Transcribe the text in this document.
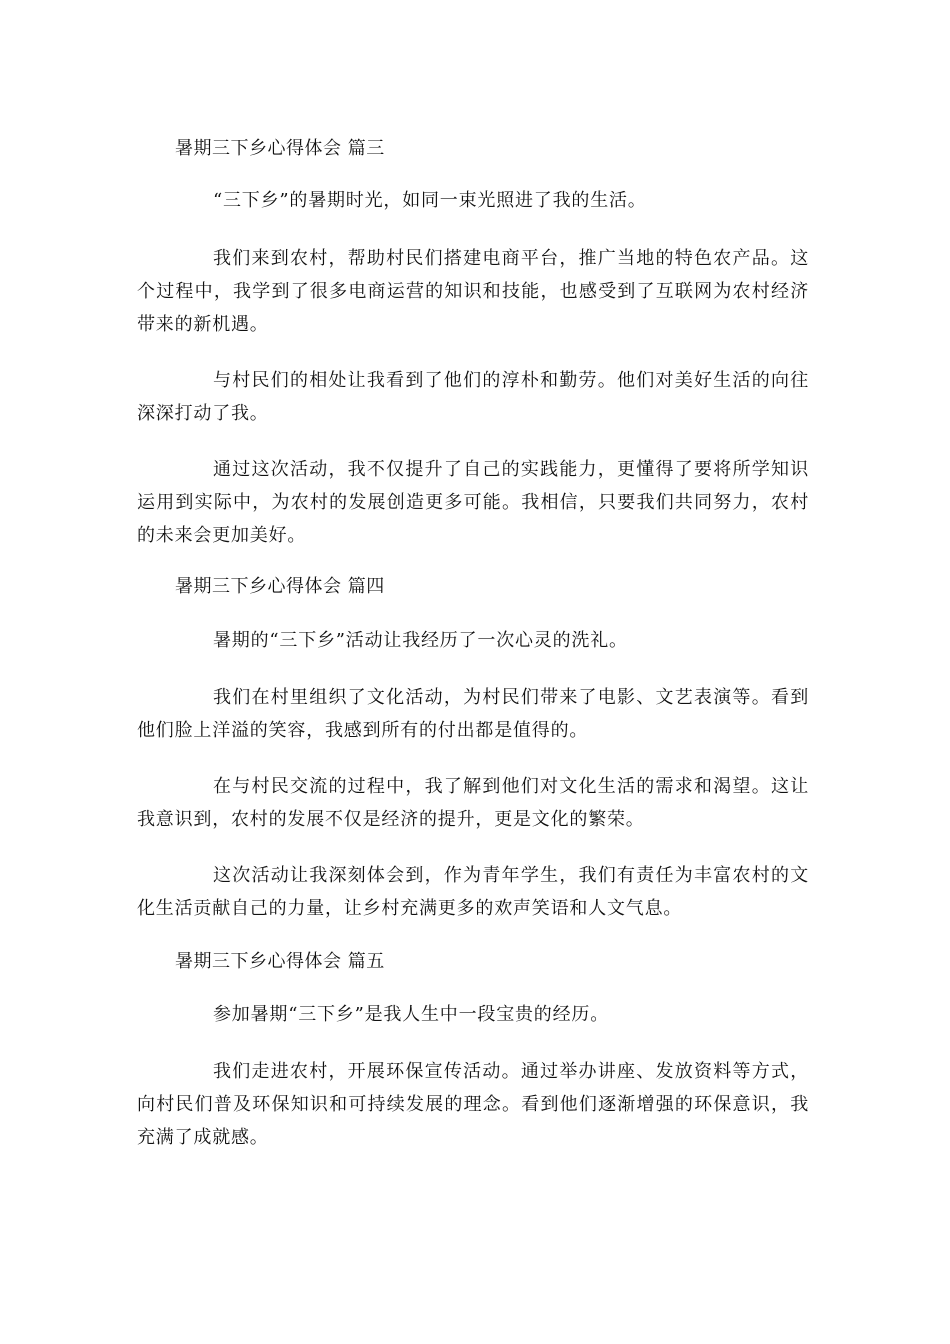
暑期三下乡心得体会 篇三

“三下乡”的暑期时光，如同一束光照进了我的生活。

我们来到农村，帮助村民们搭建电商平台，推广当地的特色农产品。这个过程中，我学到了很多电商运营的知识和技能，也感受到了互联网为农村经济带来的新机遇。

与村民们的相处让我看到了他们的淳朴和勤劳。他们对美好生活的向往深深打动了我。

通过这次活动，我不仅提升了自己的实践能力，更懂得了要将所学知识运用到实际中，为农村的发展创造更多可能。我相信，只要我们共同努力，农村的未来会更加美好。

暑期三下乡心得体会 篇四

暑期的“三下乡”活动让我经历了一次心灵的洗礼。

我们在村里组织了文化活动，为村民们带来了电影、文艺表演等。看到他们脸上洋溢的笑容，我感到所有的付出都是值得的。

在与村民交流的过程中，我了解到他们对文化生活的需求和渴望。这让我意识到，农村的发展不仅是经济的提升，更是文化的繁荣。

这次活动让我深刻体会到，作为青年学生，我们有责任为丰富农村的文化生活贡献自己的力量，让乡村充满更多的欢声笑语和人文气息。

暑期三下乡心得体会 篇五

参加暑期“三下乡”是我人生中一段宝贵的经历。

我们走进农村，开展环保宣传活动。通过举办讲座、发放资料等方式，向村民们普及环保知识和可持续发展的理念。看到他们逐渐增强的环保意识，我充满了成就感。
